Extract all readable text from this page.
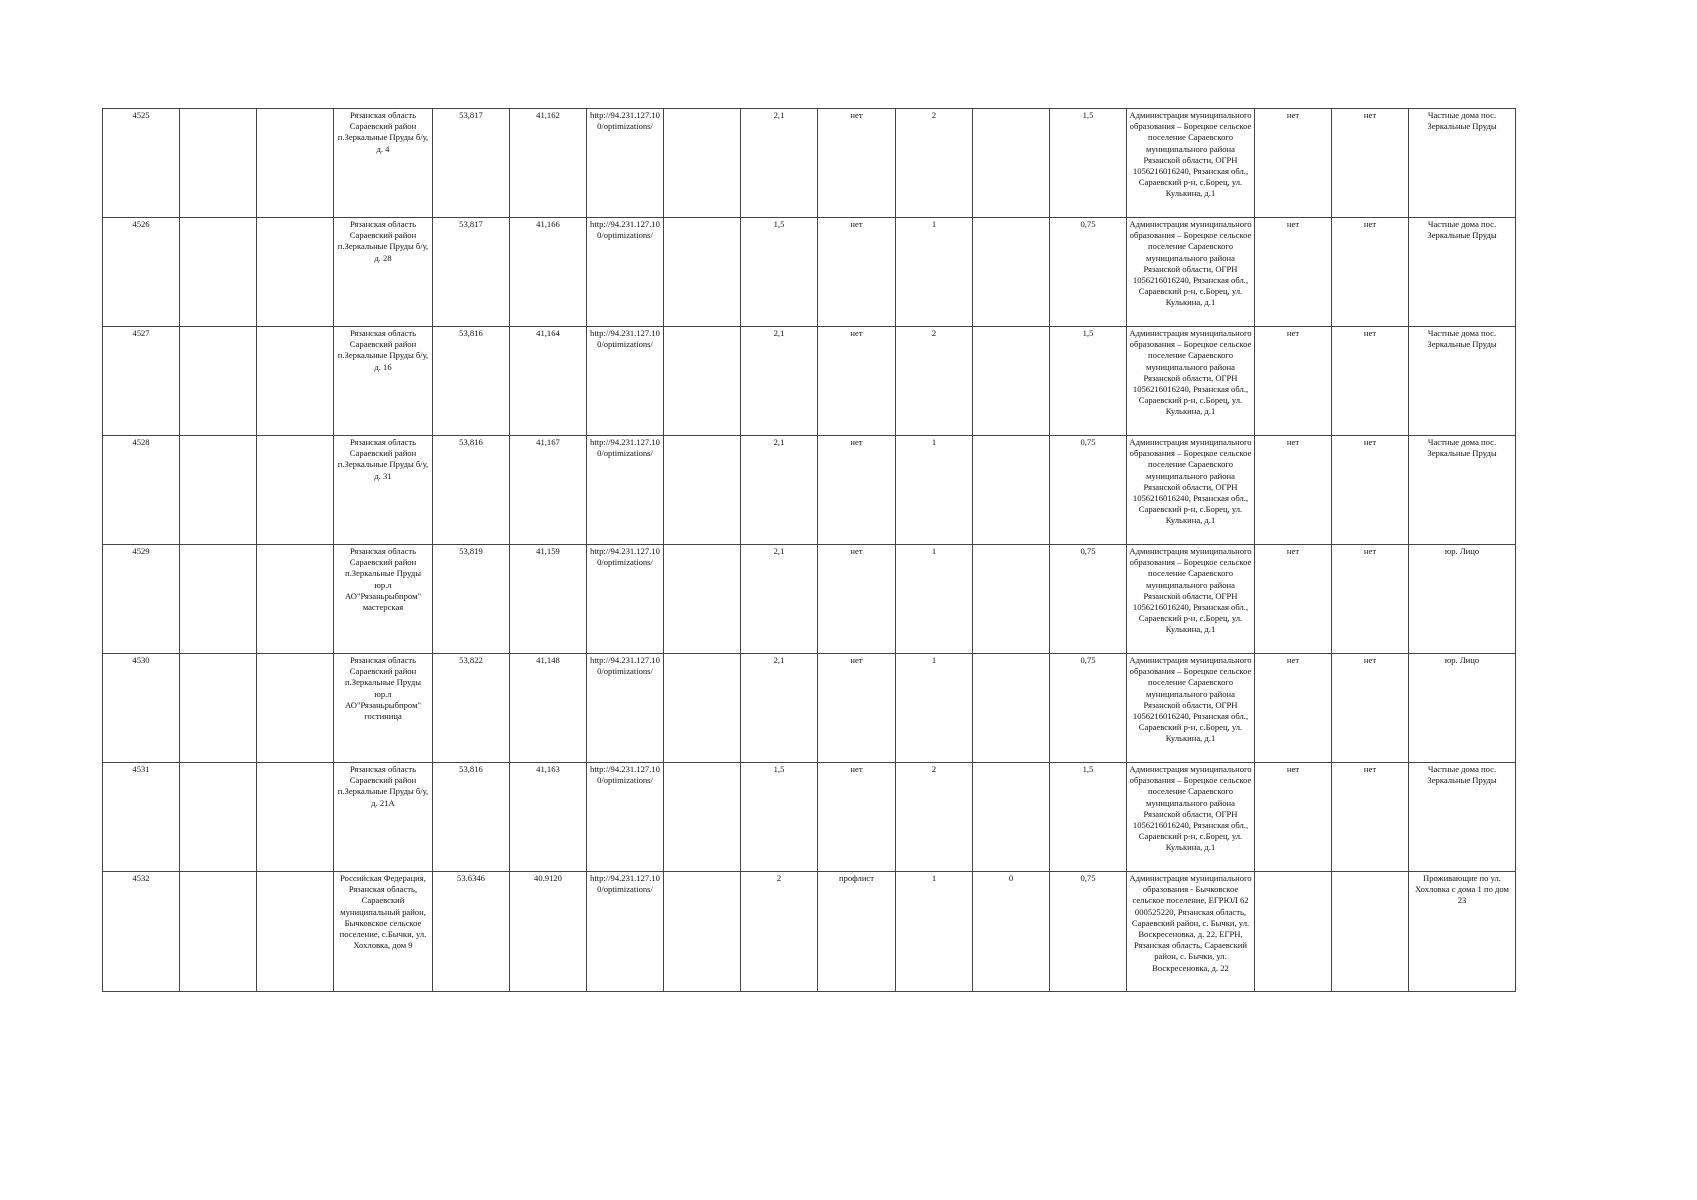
4525			Рязанская область Сараевский район п.Зеркальные Пруды б/у, д. 4	53,817	41,162	http://94.231.127.10 0/optimizations/		2,1	нет	2		1,5	Администрация муниципального образования – Борецкое сельское поселение Сараевского муниципального района Рязанской области, ОГРН 1056216016240, Рязанская обл., Сараевский р-н, с.Борец, ул. Кулькина, д.1	нет	нет	Частные дома пос. Зеркальные Пруды
4526			Рязанская область Сараевский район п.Зеркальные Пруды б/у, д. 28	53,817	41,166	http://94.231.127.10 0/optimizations/		1,5	нет	1		0,75	Администрация муниципального образования – Борецкое сельское поселение Сараевского муниципального района Рязанской области, ОГРН 1056216016240, Рязанская обл., Сараевский р-н, с.Борец, ул. Кулькина, д.1	нет	нет	Частные дома пос. Зеркальные Пруды
4527			Рязанская область Сараевский район п.Зеркальные Пруды б/у, д. 16	53,816	41,164	http://94.231.127.10 0/optimizations/		2,1	нет	2		1,5	Администрация муниципального образования – Борецкое сельское поселение Сараевского муниципального района Рязанской области, ОГРН 1056216016240, Рязанская обл., Сараевский р-н, с.Борец, ул. Кулькина, д.1	нет	нет	Частные дома пос. Зеркальные Пруды
4528			Рязанская область Сараевский район п.Зеркальные Пруды б/у, д. 31	53,816	41,167	http://94.231.127.10 0/optimizations/		2,1	нет	1		0,75	Администрация муниципального образования – Борецкое сельское поселение Сараевского муниципального района Рязанской области, ОГРН 1056216016240, Рязанская обл., Сараевский р-н, с.Борец, ул. Кулькина, д.1	нет	нет	Частные дома пос. Зеркальные Пруды
4529			Рязанская область Сараевский район п.Зеркальные Пруды юр.л АО"Рязаньрыбпром" мастерская	53,819	41,159	http://94.231.127.10 0/optimizations/		2,1	нет	1		0,75	Администрация муниципального образования – Борецкое сельское поселение Сараевского муниципального района Рязанской области, ОГРН 1056216016240, Рязанская обл., Сараевский р-н, с.Борец, ул. Кулькина, д.1	нет	нет	юр. Лицо
4530			Рязанская область Сараевский район п.Зеркальные Пруды юр.л АО"Рязаньрыбпром" гостиница	53,822	41,148	http://94.231.127.10 0/optimizations/		2,1	нет	1		0,75	Администрация муниципального образования – Борецкое сельское поселение Сараевского муниципального района Рязанской области, ОГРН 1056216016240, Рязанская обл., Сараевский р-н, с.Борец, ул. Кулькина, д.1	нет	нет	юр. Лицо
4531			Рязанская область Сараевский район п.Зеркальные Пруды б/у, д. 21А	53,816	41,163	http://94.231.127.10 0/optimizations/		1,5	нет	2		1,5	Администрация муниципального образования – Борецкое сельское поселение Сараевского муниципального района Рязанской области, ОГРН 1056216016240, Рязанская обл., Сараевский р-н, с.Борец, ул. Кулькина, д.1	нет	нет	Частные дома пос. Зеркальные Пруды
4532			Российская Федерация, Рязанская область, Сараевский муниципальный район, Бычковское сельское поселение, с.Бычки, ул. Хохловка, дом 9	53.6346	40.9120	http://94.231.127.10 0/optimizations/		2	профлист	1	0	0,75	Администрация муниципального образования - Бычковское сельское поселение, ЕГРЮЛ 62 000525220, Рязанская область, Сараевский район, с. Бычки, ул. Воскресеновка, д. 22, ЕГРН, Рязанская область, Сараевский район, с. Бычки, ул. Воскресеновка, д. 22			Проживающие по ул. Хохловка с дома 1 по дом 23
